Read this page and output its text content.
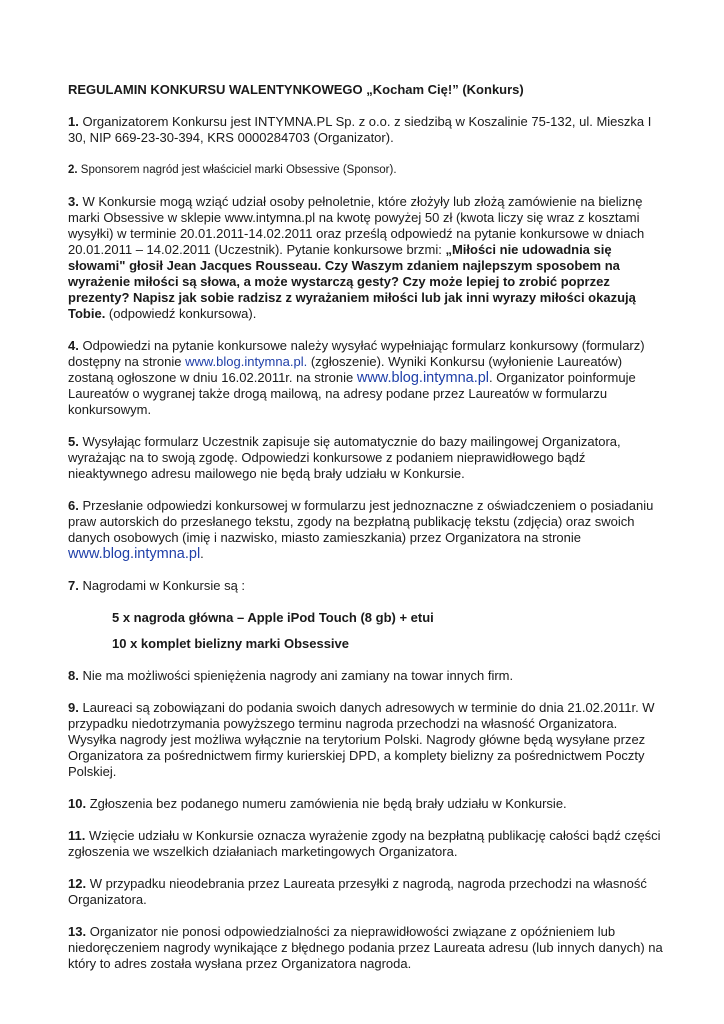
REGULAMIN KONKURSU WALENTYNKOWEGO „Kocham Cię!” (Konkurs)

1. Organizatorem Konkursu jest INTYMNA.PL Sp. z o.o. z siedzibą w Koszalinie 75-132, ul. Mieszka I 30, NIP 669-23-30-394, KRS 0000284703 (Organizator).

2. Sponsorem nagród jest właściciel marki Obsessive (Sponsor).

3. W Konkursie mogą wziąć udział osoby pełnoletnie, które złożyły lub złożą zamówienie na bieliznę marki Obsessive w sklepie www.intymna.pl na kwotę powyżej 50 zł (kwota liczy się wraz z kosztami wysyłki) w terminie 20.01.2011-14.02.2011 oraz prześlą odpowiedź na pytanie konkursowe w dniach 20.01.2011 – 14.02.2011 (Uczestnik). Pytanie konkursowe brzmi: „Miłości nie udowadnia się słowami" głosił Jean Jacques Rousseau. Czy Waszym zdaniem najlepszym sposobem na wyrażenie miłości są słowa, a może wystarczą gesty? Czy może lepiej to zrobić poprzez prezenty? Napisz jak sobie radzisz z wyrażaniem miłości lub jak inni wyrazy miłości okazują Tobie. (odpowiedź konkursowa).

4. Odpowiedzi na pytanie konkursowe należy wysyłać wypełniając formularz konkursowy (formularz) dostępny na stronie www.blog.intymna.pl. (zgłoszenie). Wyniki Konkursu (wyłonienie Laureatów) zostaną ogłoszone w dniu 16.02.2011r. na stronie www.blog.intymna.pl. Organizator poinformuje Laureatów o wygranej także drogą mailową, na adresy podane przez Laureatów w formularzu konkursowym.

5. Wysyłając formularz Uczestnik zapisuje się automatycznie do bazy mailingowej Organizatora, wyrażając na to swoją zgodę. Odpowiedzi konkursowe z podaniem nieprawidłowego bądź nieaktywnego adresu mailowego nie będą brały udziału w Konkursie.

6. Przesłanie odpowiedzi konkursowej w formularzu jest jednoznaczne z oświadczeniem o posiadaniu praw autorskich do przesłanego tekstu, zgody na bezpłatną publikację tekstu (zdjęcia) oraz swoich danych osobowych (imię i nazwisko, miasto zamieszkania) przez Organizatora na stronie www.blog.intymna.pl.

7. Nagrodami w Konkursie są :

5 x nagroda główna – Apple iPod Touch (8 gb) + etui
10 x komplet bielizny marki Obsessive

8. Nie ma możliwości spieniężenia nagrody ani zamiany na towar innych firm.

9. Laureaci są zobowiązani do podania swoich danych adresowych w terminie do dnia 21.02.2011r. W przypadku niedotrzymania powyższego terminu nagroda przechodzi na własność Organizatora. Wysyłka nagrody jest możliwa wyłącznie na terytorium Polski. Nagrody główne będą wysyłane przez Organizatora za pośrednictwem firmy kurierskiej DPD, a komplety bielizny za pośrednictwem Poczty Polskiej.

10. Zgłoszenia bez podanego numeru zamówienia nie będą brały udziału w Konkursie.

11. Wzięcie udziału w Konkursie oznacza wyrażenie zgody na bezpłatną publikację całości bądź części zgłoszenia we wszelkich działaniach marketingowych Organizatora.

12. W przypadku nieodebrania przez Laureata przesyłki z nagrodą, nagroda przechodzi na własność Organizatora.

13. Organizator nie ponosi odpowiedzialności za nieprawidłowości związane z opóźnieniem lub niedoręczeniem nagrody wynikające z błędnego podania przez Laureata adresu (lub innych danych) na który to adres została wysłana przez Organizatora nagroda.
